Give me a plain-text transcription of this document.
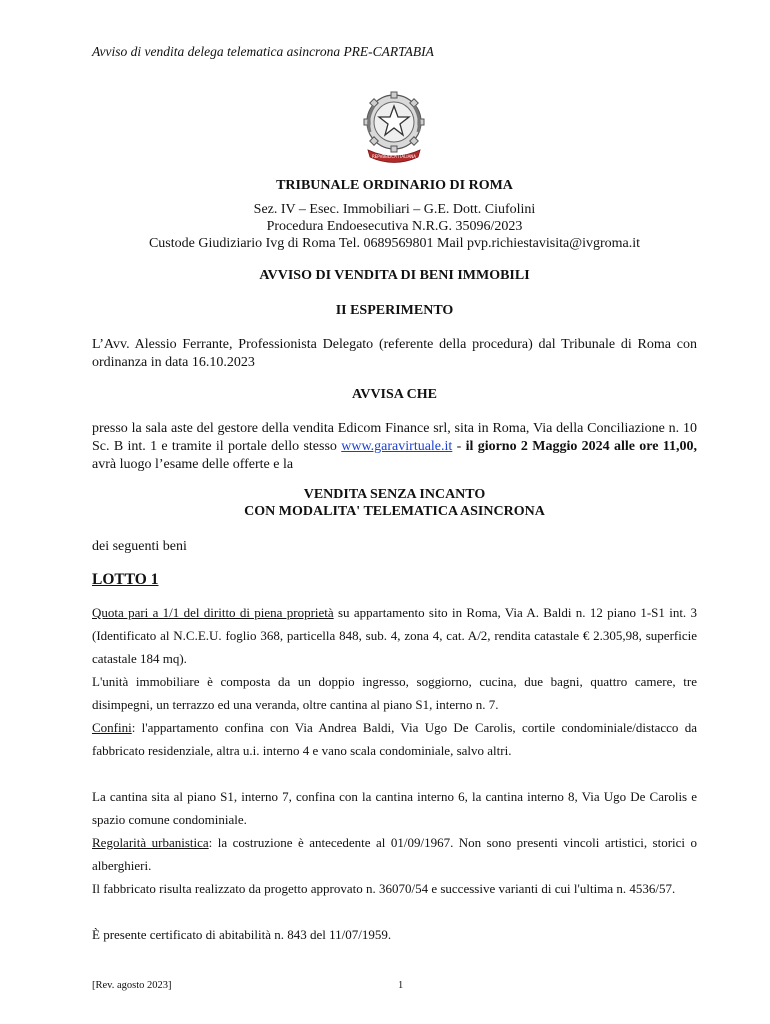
Avviso di vendita delega telematica asincrona PRE-CARTABIA
REPVBBLICA ITALIANA
TRIBUNALE ORDINARIO DI ROMA
Sez. IV – Esec. Immobiliari – G.E. Dott. Ciufolini
Procedura Endoesecutiva N.R.G. 35096/2023
Custode Giudiziario Ivg di Roma Tel. 0689569801 Mail pvp.richiestavisita@ivgroma.it
AVVISO DI VENDITA DI BENI IMMOBILI
II ESPERIMENTO
L’Avv. Alessio Ferrante, Professionista Delegato (referente della procedura) dal Tribunale di Roma con ordinanza in data 16.10.2023
AVVISA CHE
presso la sala aste del gestore della vendita Edicom Finance srl, sita in Roma, Via della Conciliazione n. 10 Sc. B int. 1 e tramite il portale dello stesso www.garavirtuale.it - il giorno 2 Maggio 2024 alle ore 11,00, avrà luogo l’esame delle offerte e la
VENDITA SENZA INCANTO
CON MODALITA' TELEMATICA ASINCRONA
dei seguenti beni
LOTTO 1
Quota pari a 1/1 del diritto di piena proprietà su appartamento sito in Roma, Via A. Baldi n. 12 piano 1-S1 int. 3 (Identificato al N.C.E.U. foglio 368, particella 848, sub. 4, zona 4, cat. A/2, rendita catastale € 2.305,98, superficie catastale 184 mq).
L'unità immobiliare è composta da un doppio ingresso, soggiorno, cucina, due bagni, quattro camere, tre disimpegni, un terrazzo ed una veranda, oltre cantina al piano S1, interno n. 7.
Confini: l'appartamento confina con Via Andrea Baldi, Via Ugo De Carolis, cortile condominiale/distacco da fabbricato residenziale, altra u.i. interno 4 e vano scala condominiale, salvo altri.
La cantina sita al piano S1, interno 7, confina con la cantina interno 6, la cantina interno 8, Via Ugo De Carolis e spazio comune condominiale.
Regolarità urbanistica: la costruzione è antecedente al 01/09/1967. Non sono presenti vincoli artistici, storici o alberghieri.
Il fabbricato risulta realizzato da progetto approvato n. 36070/54 e successive varianti di cui l'ultima n. 4536/57.
È presente certificato di abitabilità n. 843 del 11/07/1959.
[Rev. agosto 2023]	1
